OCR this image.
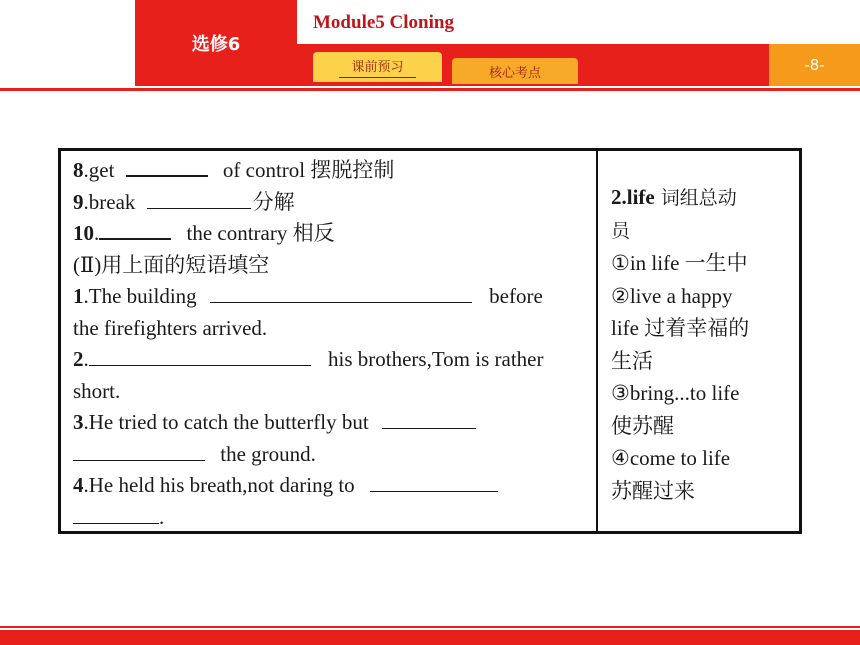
选修6
Module5 Cloning
课前预习	核心考点	-8-
8.get	of control 摆脱控制
9.break	分解
10.	the contrary 相反
(Ⅱ)用上面的短语填空
1.The building	before
the firefighters arrived.
2.	his brothers,Tom is rather
short.
3.He tried to catch the butterfly but
the ground.
4.He held his breath,not daring to
.
2.life 词组总动
员
①in life 一生中
②live a happy
life 过着幸福的
生活
③bring...to life
使苏醒
④come to life
苏醒过来
